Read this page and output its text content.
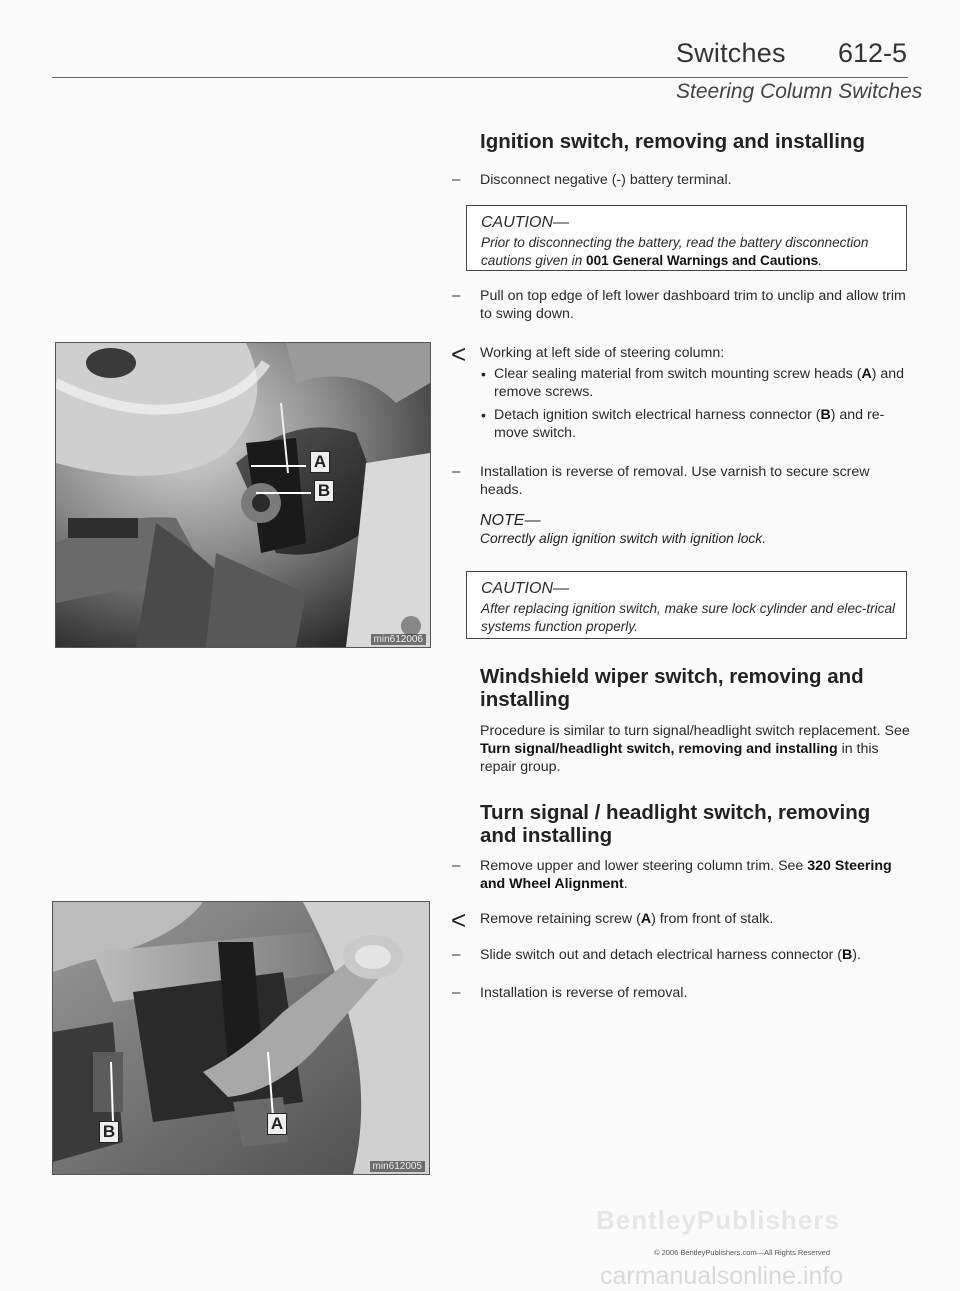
Switches 612-5
Steering Column Switches
A
B
min612006
B	A
min612005
Ignition switch, removing and installing
– Disconnect negative (-) battery terminal.
CAUTION—
Prior to disconnecting the battery, read the battery disconnection cautions given in 001 General Warnings and Cautions.
– Pull on top edge of left lower dashboard trim to unclip and allow trim to swing down.
< Working at left side of steering column:
• Clear sealing material from switch mounting screw heads (A) and remove screws.
• Detach ignition switch electrical harness connector (B) and re-move switch.
– Installation is reverse of removal. Use varnish to secure screw heads.
NOTE—
Correctly align ignition switch with ignition lock.
CAUTION—
After replacing ignition switch, make sure lock cylinder and elec-trical systems function properly.
Windshield wiper switch, removing and installing
Procedure is similar to turn signal/headlight switch replacement. See Turn signal/headlight switch, removing and installing in this repair group.
Turn signal / headlight switch, removing and installing
– Remove upper and lower steering column trim. See 320 Steering and Wheel Alignment.
< Remove retaining screw (A) from front of stalk.
– Slide switch out and detach electrical harness connector (B).
– Installation is reverse of removal.
BentleyPublishers
© 2006 BentleyPublishers.com—All Rights Reserved
carmanualsonline.info
